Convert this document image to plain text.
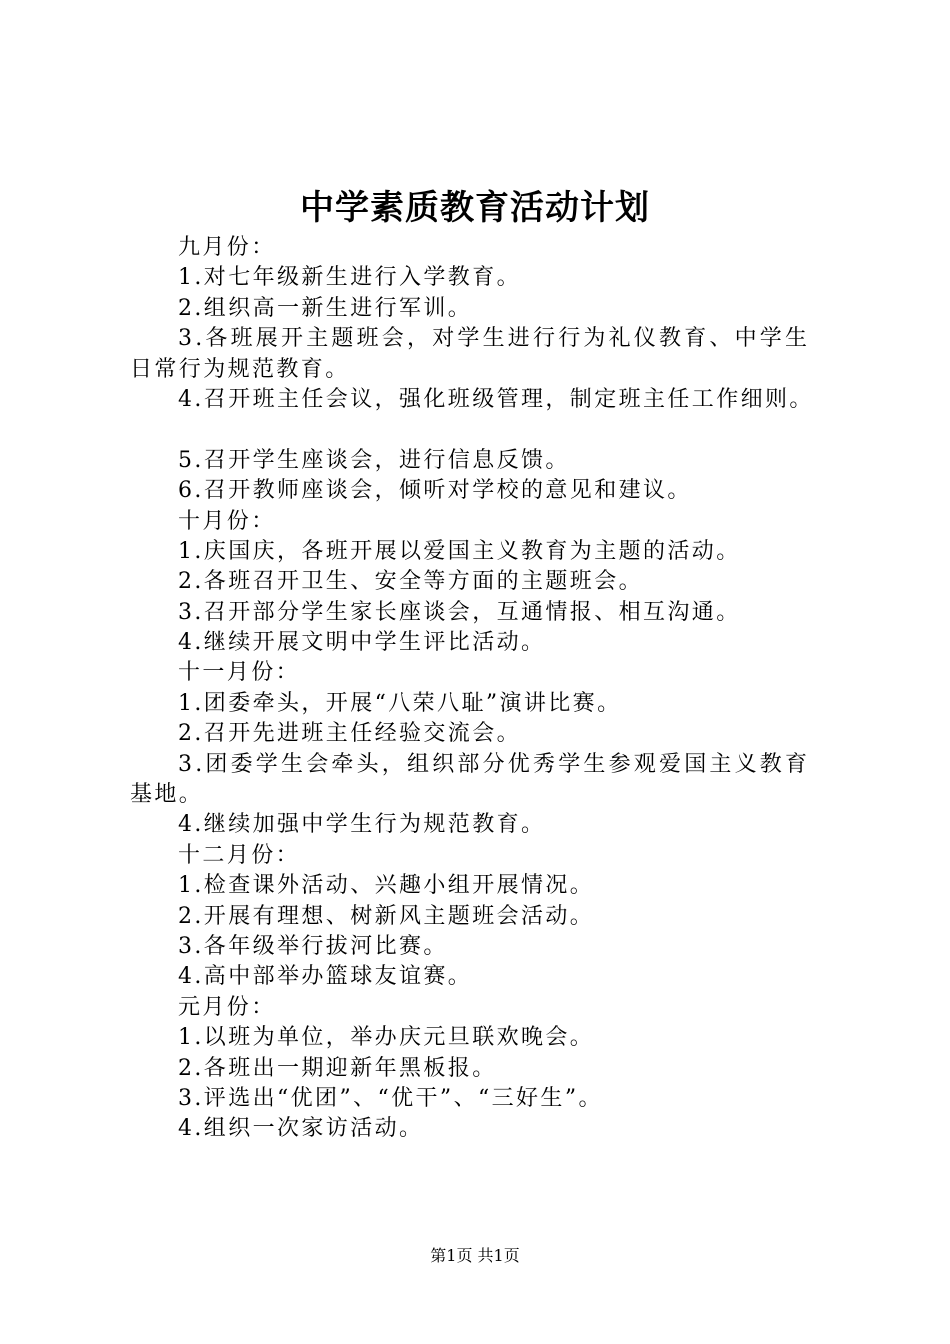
中学素质教育活动计划
九月份：
1.对七年级新生进行入学教育。
2.组织高一新生进行军训。
3.各班展开主题班会，对学生进行行为礼仪教育、中学生
日常行为规范教育。
4.召开班主任会议，强化班级管理，制定班主任工作细则。
5.召开学生座谈会，进行信息反馈。
6.召开教师座谈会，倾听对学校的意见和建议。
十月份：
1.庆国庆，各班开展以爱国主义教育为主题的活动。
2.各班召开卫生、安全等方面的主题班会。
3.召开部分学生家长座谈会，互通情报、相互沟通。
4.继续开展文明中学生评比活动。
十一月份：
1.团委牵头，开展“八荣八耻”演讲比赛。
2.召开先进班主任经验交流会。
3.团委学生会牵头，组织部分优秀学生参观爱国主义教育
基地。
4.继续加强中学生行为规范教育。
十二月份：
1.检查课外活动、兴趣小组开展情况。
2.开展有理想、树新风主题班会活动。
3.各年级举行拔河比赛。
4.高中部举办篮球友谊赛。
元月份：
1.以班为单位，举办庆元旦联欢晚会。
2.各班出一期迎新年黑板报。
3.评选出“优团”、“优干”、“三好生”。
4.组织一次家访活动。
第1页 共1页
